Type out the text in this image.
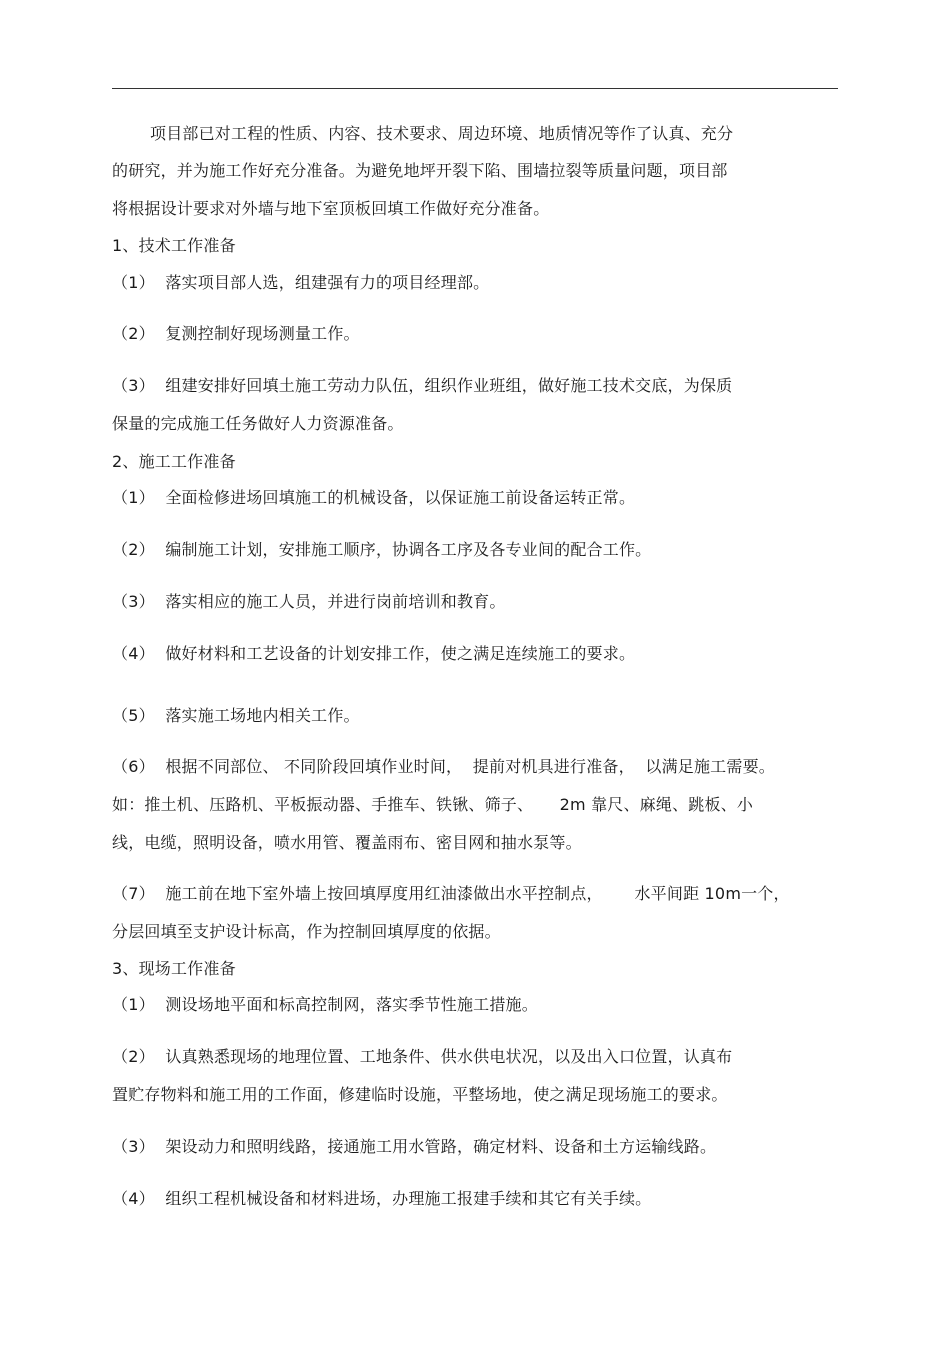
项目部已对工程的性质、内容、技术要求、周边环境、地质情况等作了认真、充分
的研究，并为施工作好充分准备。为避免地坪开裂下陷、围墙拉裂等质量问题，项目部
将根据设计要求对外墙与地下室顶板回填工作做好充分准备。
1、技术工作准备
（1）  落实项目部人选，组建强有力的项目经理部。
（2）  复测控制好现场测量工作。
（3）  组建安排好回填土施工劳动力队伍，组织作业班组，做好施工技术交底，为保质
保量的完成施工任务做好人力资源准备。
2、施工工作准备
（1）  全面检修进场回填施工的机械设备，以保证施工前设备运转正常。
（2）  编制施工计划，安排施工顺序，协调各工序及各专业间的配合工作。
（3）  落实相应的施工人员，并进行岗前培训和教育。
（4）  做好材料和工艺设备的计划安排工作，使之满足连续施工的要求。
（5）  落实施工场地内相关工作。
（6）  根据不同部位、 不同阶段回填作业时间，  提前对机具进行准备，  以满足施工需要。
如：推土机、压路机、平板振动器、手推车、铁锹、筛子、     2m 靠尺、麻绳、跳板、小
线，电缆，照明设备，喷水用管、覆盖雨布、密目网和抽水泵等。
（7）  施工前在地下室外墙上按回填厚度用红油漆做出水平控制点，      水平间距 10m一个，
分层回填至支护设计标高，作为控制回填厚度的依据。
3、现场工作准备
（1）  测设场地平面和标高控制网，落实季节性施工措施。
（2）  认真熟悉现场的地理位置、工地条件、供水供电状况，以及出入口位置，认真布
置贮存物料和施工用的工作面，修建临时设施，平整场地，使之满足现场施工的要求。
（3）  架设动力和照明线路，接通施工用水管路，确定材料、设备和土方运输线路。
（4）  组织工程机械设备和材料进场，办理施工报建手续和其它有关手续。
